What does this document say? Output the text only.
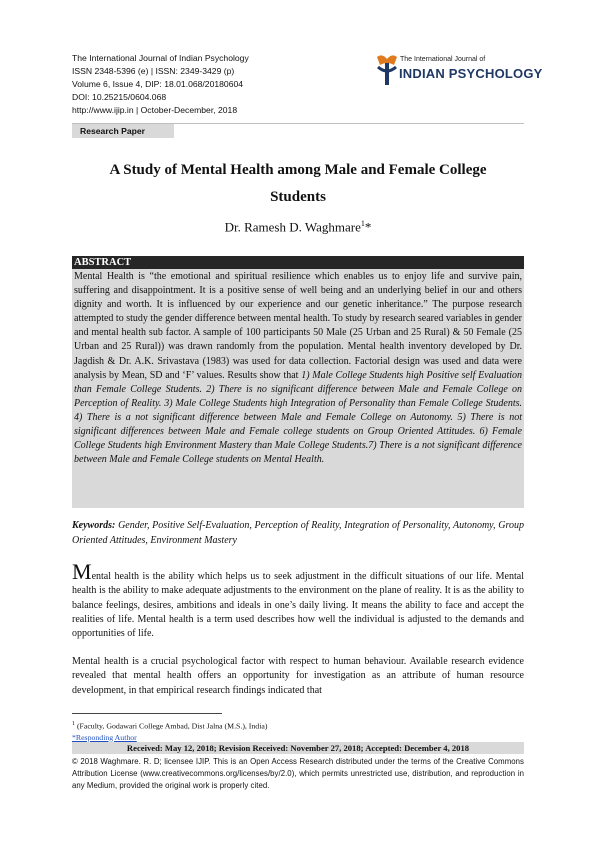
The International Journal of Indian Psychology
ISSN 2348-5396 (e) | ISSN: 2349-3429 (p)
Volume 6, Issue 4, DIP: 18.01.068/20180604
DOI: 10.25215/0604.068
http://www.ijip.in | October-December, 2018
The International Journal of
INDIAN PSYCHOLOGY
Research Paper
A Study of Mental Health among Male and Female College
Students
Dr. Ramesh D. Waghmare$^1$*
ABSTRACT
Mental Health is “the emotional and spiritual resilience which enables us to enjoy life and survive pain, suffering and disappointment. It is a positive sense of well being and an underlying belief in our and others dignity and worth. It is influenced by our experience and our genetic inheritance.” The purpose research attempted to study the gender difference between mental health. To study by research seared variables in gender and mental health sub factor. A sample of 100 participants 50 Male (25 Urban and 25 Rural) & 50 Female (25 Urban and 25 Rural)) was drawn randomly from the population. Mental health inventory developed by Dr. Jagdish & Dr. A.K. Srivastava (1983) was used for data collection. Factorial design was used and data were analysis by Mean, SD and ‘F’ values. Results show that 1) Male College Students high Positive self Evaluation than Female College Students. 2) There is no significant difference between Male and Female College on Perception of Reality. 3) Male College Students high Integration of Personality than Female College Students. 4) There is a not significant difference between Male and Female College on Autonomy. 5) There is not significant differences between Male and Female college students on Group Oriented Attitudes. 6) Female College Students high Environment Mastery than Male College Students.7) There is a not significant difference between Male and Female College students on Mental Health.
Keywords: Gender, Positive Self-Evaluation, Perception of Reality, Integration of Personality, Autonomy, Group Oriented Attitudes, Environment Mastery
Mental health is the ability which helps us to seek adjustment in the difficult situations of our life. Mental health is the ability to make adequate adjustments to the environment on the plane of reality. It is as the ability to balance feelings, desires, ambitions and ideals in one’s daily living. It means the ability to face and accept the realities of life. Mental health is a term used describes how well the individual is adjusted to the demands and opportunities of life.
Mental health is a crucial psychological factor with respect to human behaviour. Available research evidence revealed that mental health offers an opportunity for investigation as an attribute of human resource development, in that empirical research findings indicated that
$^1$ (Faculty, Godawari College Ambad, Dist Jalna (M.S.), India)
*Responding Author
Received: May 12, 2018; Revision Received: November 27, 2018; Accepted: December 4, 2018
© 2018 Waghmare. R. D; licensee IJIP. This is an Open Access Research distributed under the terms of the Creative Commons Attribution License (www.creativecommons.org/licenses/by/2.0), which permits unrestricted use, distribution, and reproduction in any Medium, provided the original work is properly cited.
